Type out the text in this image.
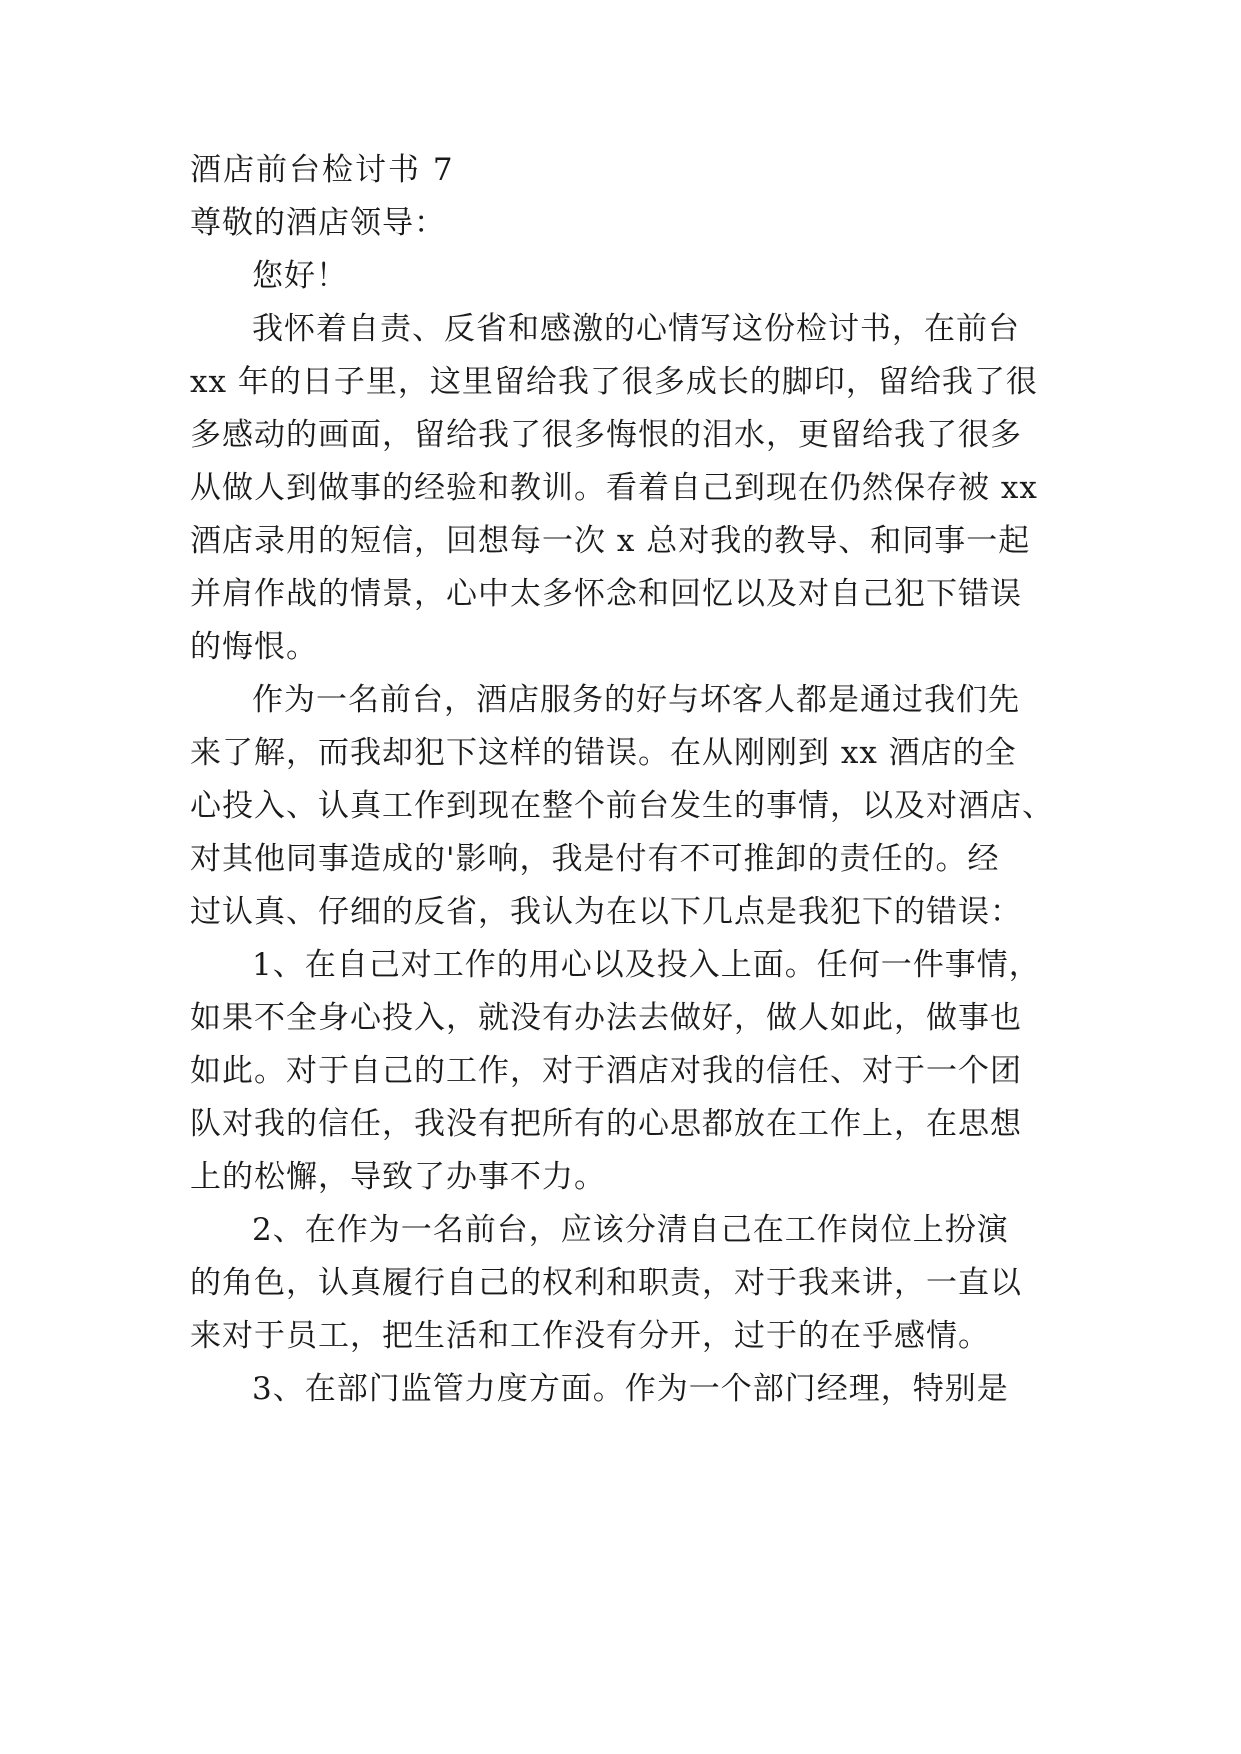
酒店前台检讨书 7
尊敬的酒店领导：
您好！
我怀着自责、反省和感激的心情写这份检讨书，在前台
xx 年的日子里，这里留给我了很多成长的脚印，留给我了很
多感动的画面，留给我了很多悔恨的泪水，更留给我了很多
从做人到做事的经验和教训。看着自己到现在仍然保存被 xx
酒店录用的短信，回想每一次 x 总对我的教导、和同事一起
并肩作战的情景，心中太多怀念和回忆以及对自己犯下错误
的悔恨。
作为一名前台，酒店服务的好与坏客人都是通过我们先
来了解，而我却犯下这样的错误。在从刚刚到 xx 酒店的全
心投入、认真工作到现在整个前台发生的事情，以及对酒店、
对其他同事造成的'影响，我是付有不可推卸的责任的。经
过认真、仔细的反省，我认为在以下几点是我犯下的错误：
1、在自己对工作的用心以及投入上面。任何一件事情，
如果不全身心投入，就没有办法去做好，做人如此，做事也
如此。对于自己的工作，对于酒店对我的信任、对于一个团
队对我的信任，我没有把所有的心思都放在工作上，在思想
上的松懈，导致了办事不力。
2、在作为一名前台，应该分清自己在工作岗位上扮演
的角色，认真履行自己的权利和职责，对于我来讲，一直以
来对于员工，把生活和工作没有分开，过于的在乎感情。
3、在部门监管力度方面。作为一个部门经理，特别是
